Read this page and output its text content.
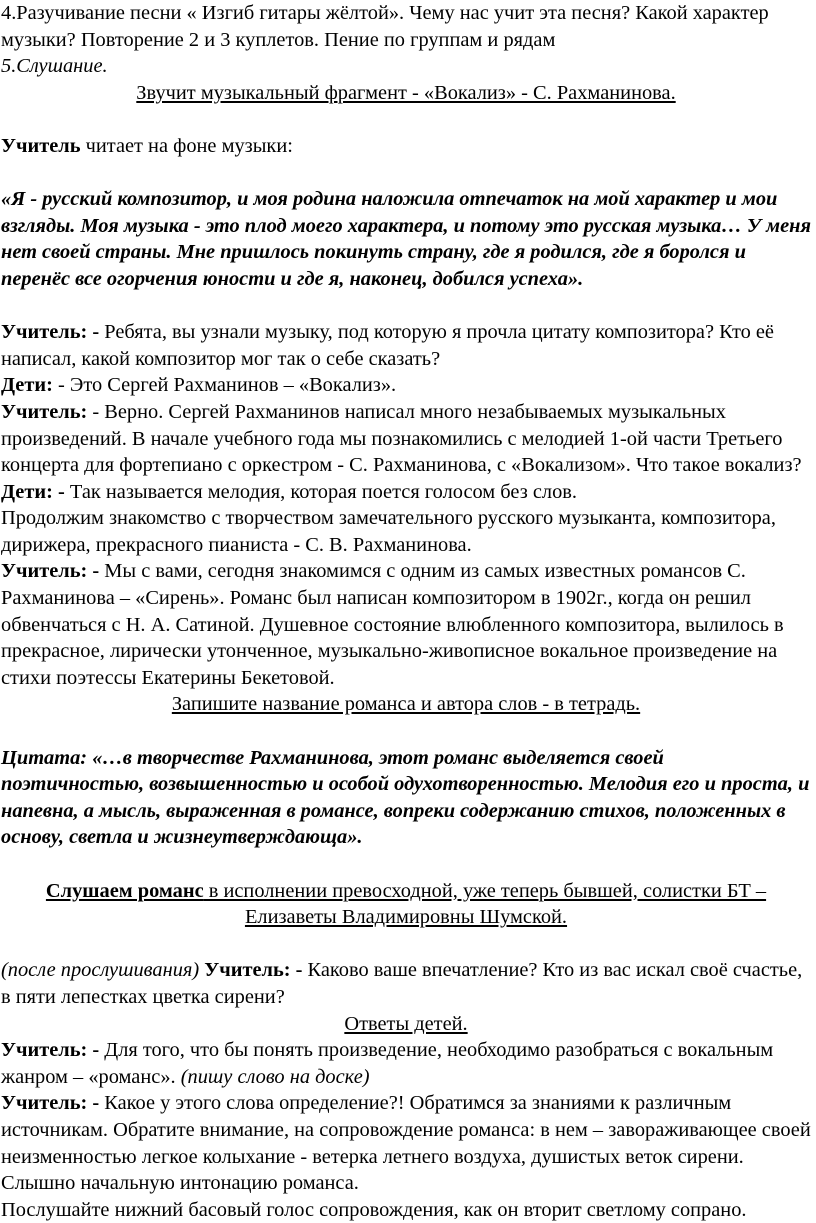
4.Разучивание песни « Изгиб гитары жёлтой». Чему нас учит эта песня? Какой характер музыки? Повторение 2 и 3 куплетов. Пение по группам и рядам

5.Слушание.

Звучит музыкальный фрагмент - «Вокализ» - С. Рахманинова.

Учитель читает на фоне музыки:

«Я - русский композитор, и моя родина наложила отпечаток на мой характер и мои взгляды. Моя музыка - это плод моего характера, и потому это русская музыка… У меня нет своей страны. Мне пришлось покинуть страну, где я родился, где я боролся и перенёс все огорчения юности и где я, наконец, добился успеха».

Учитель: - Ребята, вы узнали музыку, под которую я прочла цитату композитора? Кто её написал, какой композитор мог так о себе сказать?

Дети: - Это Сергей Рахманинов – «Вокализ».

Учитель: - Верно. Сергей Рахманинов написал много незабываемых музыкальных произведений. В начале учебного года мы познакомились с мелодией 1-ой части Третьего концерта для фортепиано с оркестром - С. Рахманинова, с «Вокализом». Что такое вокализ?

Дети: - Так называется мелодия, которая поется голосом без слов.

Продолжим знакомство с творчеством замечательного русского музыканта, композитора, дирижера, прекрасного пианиста - С. В. Рахманинова.

Учитель: - Мы с вами, сегодня знакомимся с одним из самых известных романсов С. Рахманинова – «Сирень». Романс был написан композитором в 1902г., когда он решил обвенчаться с Н. А. Сатиной. Душевное состояние влюбленного композитора, вылилось в прекрасное, лирически утонченное, музыкально-живописное вокальное произведение на стихи поэтессы Екатерины Бекетовой.

Запишите название романса и автора слов - в тетрадь.

Цитата: «…в творчестве Рахманинова, этот романс выделяется своей поэтичностью, возвышенностью и особой одухотворенностью. Мелодия его и проста, и напевна, а мысль, выраженная в романсе, вопреки содержанию стихов, положенных в основу, светла и жизнеутверждающа».

Слушаем романс в исполнении превосходной, уже теперь бывшей, солистки БТ – Елизаветы Владимировны Шумской.

(после прослушивания) Учитель: - Каково ваше впечатление? Кто из вас искал своё счастье, в пяти лепестках цветка сирени?

Ответы детей.

Учитель: - Для того, что бы понять произведение, необходимо разобраться с вокальным жанром – «романс». (пишу слово на доске)

Учитель: - Какое у этого слова определение?! Обратимся за знаниями к различным источникам. Обратите внимание, на сопровождение романса: в нем – завораживающее своей неизменностью легкое колыхание - ветерка летнего воздуха, душистых веток сирени. Слышно начальную интонацию романса.

Послушайте нижний басовый голос сопровождения, как он вторит светлому сопрано.
